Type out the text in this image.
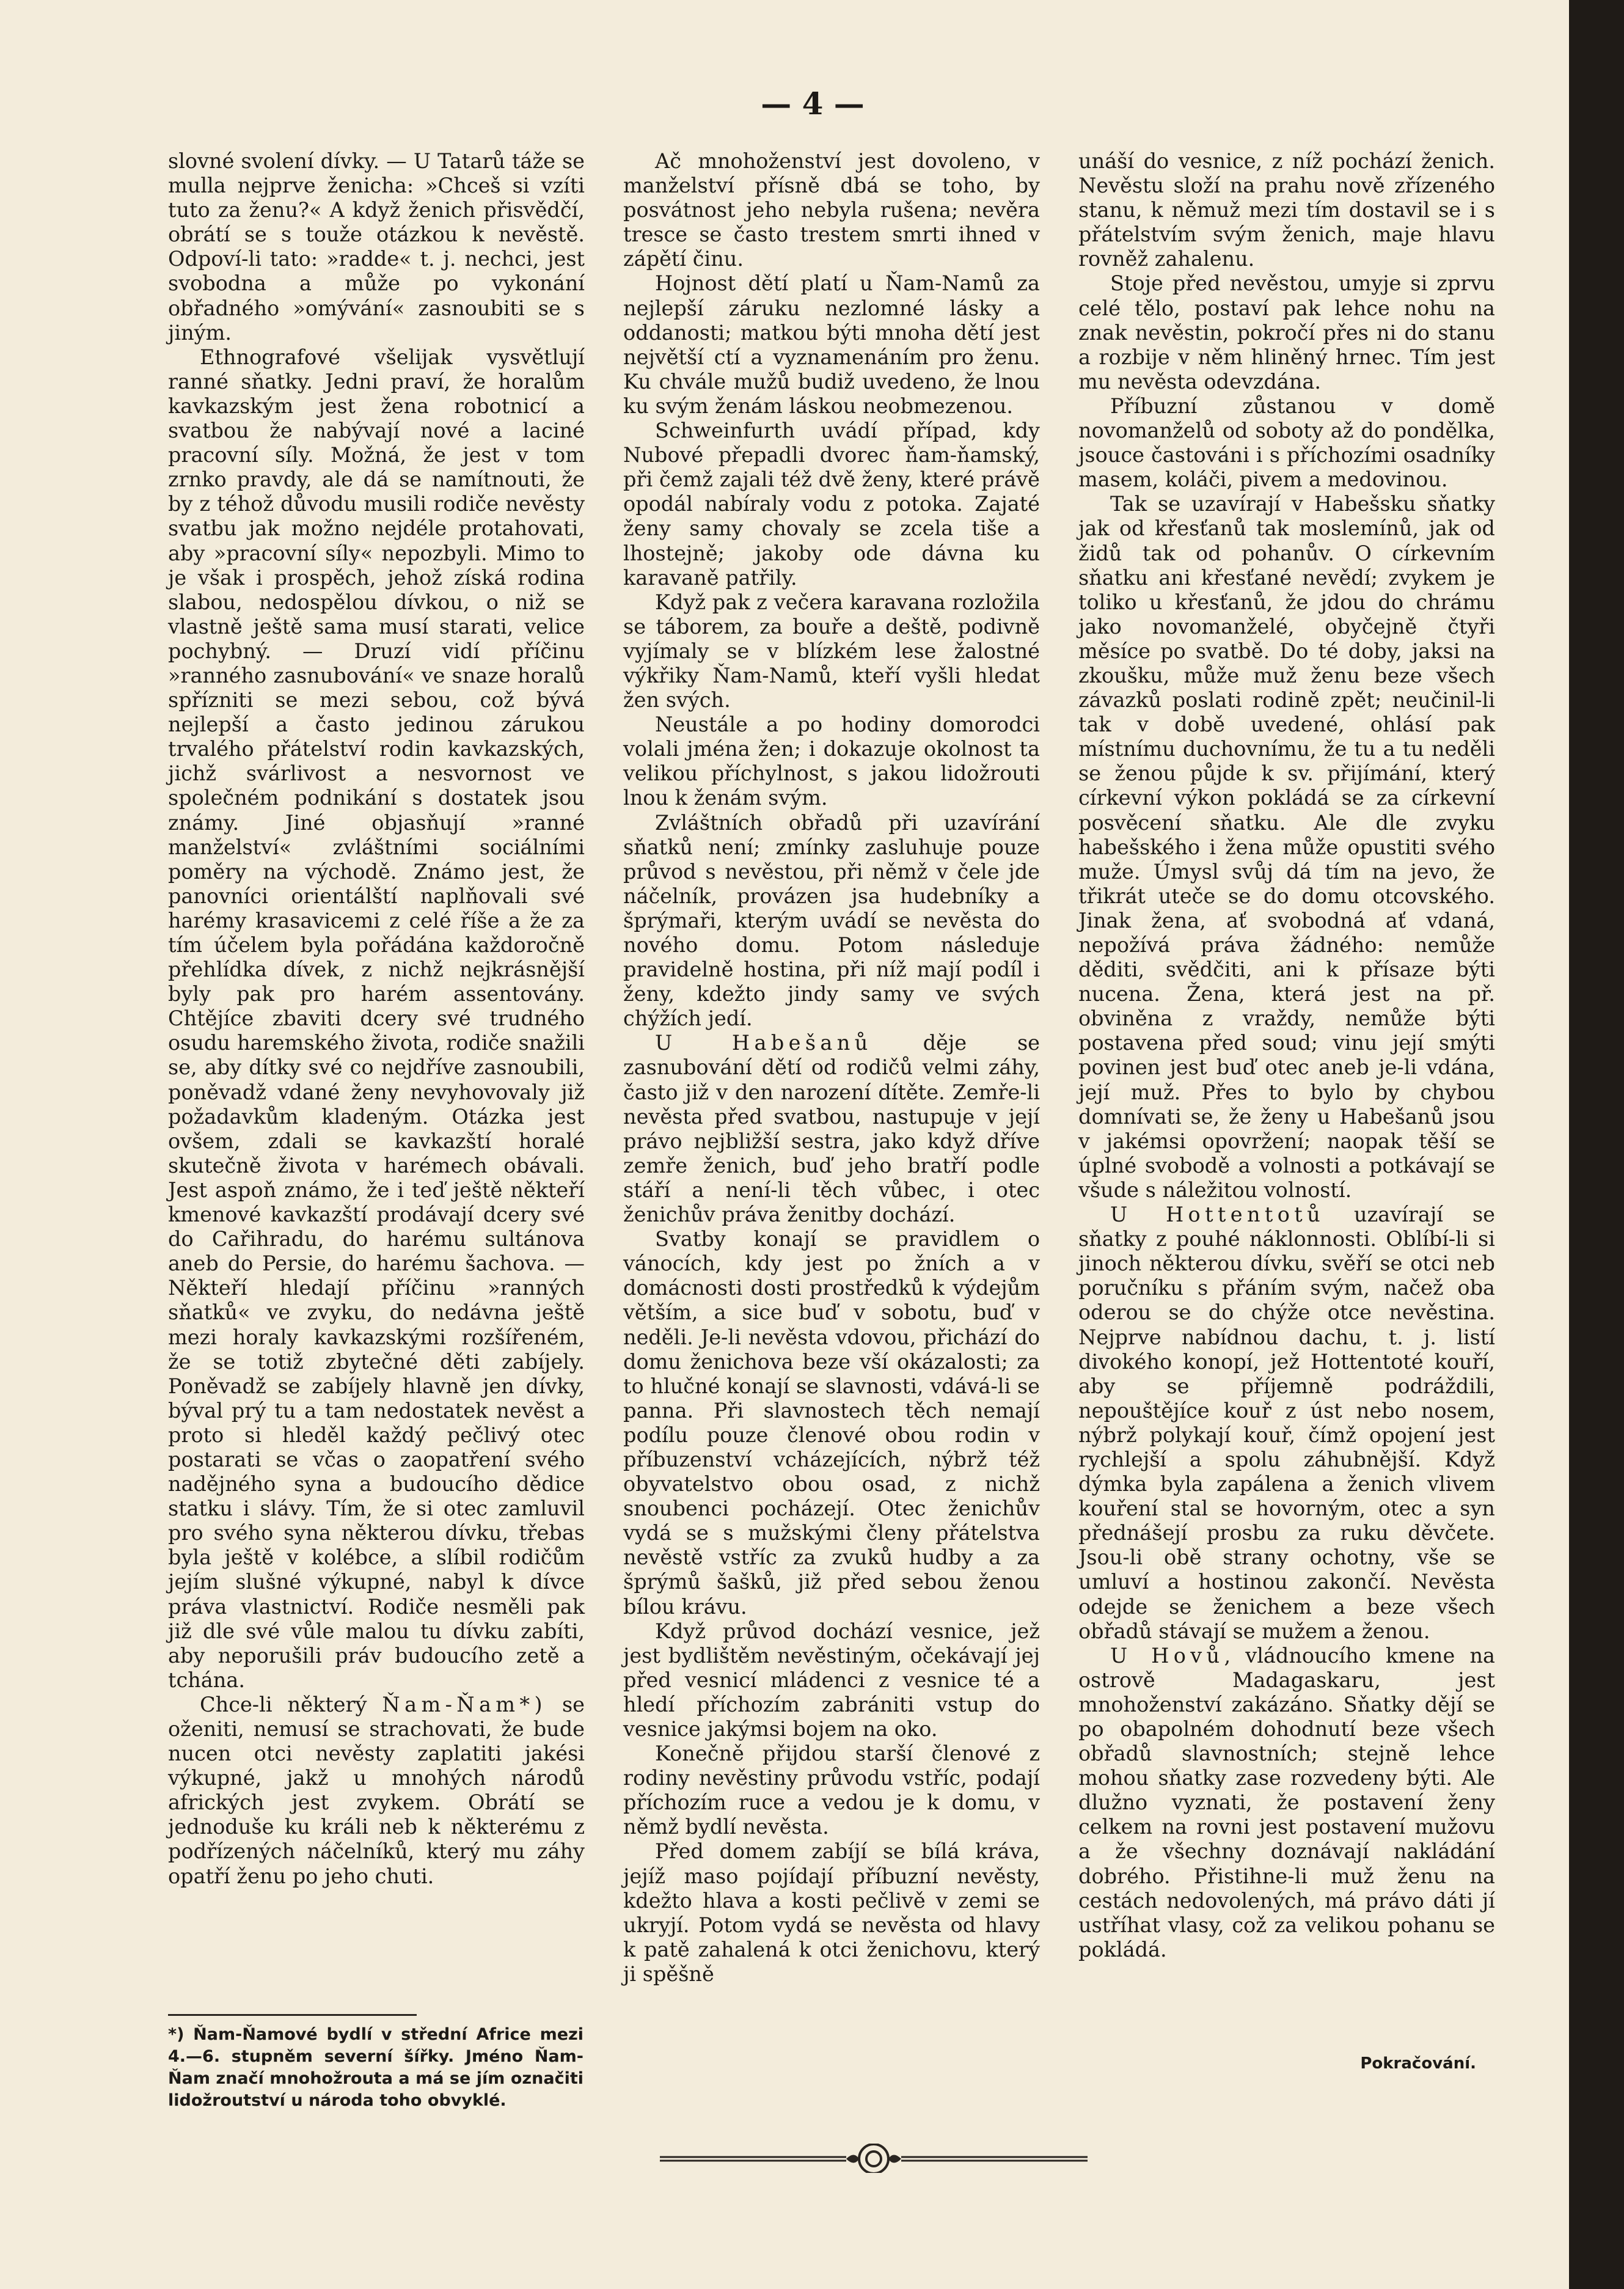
— 4 —

slovné svolení dívky. — U Tatarů táže se mulla nejprve ženicha: »Chceš si vzíti tuto za ženu?« A když ženich přisvědčí, obrátí se s touže otázkou k nevěstě. Odpoví-li tato: »radde« t. j. nechci, jest svobodna a může po vykonání obřadného »omývání« zasnoubiti se s jiným.

Ethnografové všelijak vysvětlují ranné sňatky. Jedni praví, že horalům kavkazským jest žena robotnicí a svatbou že nabývají nové a laciné pracovní síly. Možná, že jest v tom zrnko pravdy, ale dá se namítnouti, že by z téhož důvodu musili rodiče nevěsty svatbu jak možno nejdéle protahovati, aby »pracovní síly« nepozbyli. Mimo to je však i prospěch, jehož získá rodina slabou, nedospělou dívkou, o niž se vlastně ještě sama musí starati, velice pochybný. — Druzí vidí příčinu »ranného zasnubování« ve snaze horalů spřízniti se mezi sebou, což bývá nejlepší a často jedinou zárukou trvalého přátelství rodin kavkazských, jichž svárlivost a nesvornost ve společném podnikání s dostatek jsou známy. Jiné objasňují »ranné manželství« zvláštními sociálními poměry na východě. Známo jest, že panovníci orientálští naplňovali své harémy krasavicemi z celé říše a že za tím účelem byla pořádána každoročně přehlídka dívek, z nichž nejkrásnější byly pak pro harém assentovány. Chtějíce zbaviti dcery své trudného osudu haremského života, rodiče snažili se, aby dítky své co nejdříve zasnoubili, poněvadž vdané ženy nevyhovovaly již požadavkům kladeným. Otázka jest ovšem, zdali se kavkazští horalé skutečně života v harémech obávali. Jest aspoň známo, že i teď ještě někteří kmenové kavkazští prodávají dcery své do Cařihradu, do harému sultánova aneb do Persie, do harému šachova. — Někteří hledají příčinu »ranných sňatků« ve zvyku, do nedávna ještě mezi horaly kavkazskými rozšířeném, že se totiž zbytečné děti zabíjely. Poněvadž se zabíjely hlavně jen dívky, býval prý tu a tam nedostatek nevěst a proto si hleděl každý pečlivý otec postarati se včas o zaopatření svého nadějného syna a budoucího dědice statku i slávy. Tím, že si otec zamluvil pro svého syna některou dívku, třebas byla ještě v kolébce, a slíbil rodičům jejím slušné výkupné, nabyl k dívce práva vlastnictví. Rodiče nesměli pak již dle své vůle malou tu dívku zabíti, aby neporušili práv budoucího zetě a tchána.

Chce-li některý Ňam-Ňam*) se oženiti, nemusí se strachovati, že bude nucen otci nevěsty zaplatiti jakési výkupné, jakž u mnohých národů afrických jest zvykem. Obrátí se jednoduše ku králi neb k některému z podřízených náčelníků, který mu záhy opatří ženu po jeho chuti.

*) Ňam-Ňamové bydlí v střední Africe mezi 4.—6. stupněm severní šířky. Jméno Ňam-Ňam značí mnohožrouta a má se jím označiti lidožroutství u národa toho obvyklé.

Ač mnohoženství jest dovoleno, v manželství přísně dbá se toho, by posvátnost jeho nebyla rušena; nevěra tresce se často trestem smrti ihned v zápětí činu.

Hojnost dětí platí u Ňam-Namů za nejlepší záruku nezlomné lásky a oddanosti; matkou býti mnoha dětí jest největší ctí a vyznamenáním pro ženu. Ku chvále mužů budiž uvedeno, že lnou ku svým ženám láskou neobmezenou.

Schweinfurth uvádí případ, kdy Nubové přepadli dvorec ňam-ňamský, při čemž zajali též dvě ženy, které právě opodál nabíraly vodu z potoka. Zajaté ženy samy chovaly se zcela tiše a lhostejně; jakoby ode dávna ku karavaně patřily.

Když pak z večera karavana rozložila se táborem, za bouře a deště, podivně vyjímaly se v blízkém lese žalostné výkřiky Ňam-Namů, kteří vyšli hledat žen svých.

Neustále a po hodiny domorodci volali jména žen; i dokazuje okolnost ta velikou příchylnost, s jakou lidožrouti lnou k ženám svým.

Zvláštních obřadů při uzavírání sňatků není; zmínky zasluhuje pouze průvod s nevěstou, při němž v čele jde náčelník, provázen jsa hudebníky a šprýmaři, kterým uvádí se nevěsta do nového domu. Potom následuje pravidelně hostina, při níž mají podíl i ženy, kdežto jindy samy ve svých chýžích jedí.

U Habešanů děje se zasnubování dětí od rodičů velmi záhy, často již v den narození dítěte. Zemře-li nevěsta před svatbou, nastupuje v její právo nejbližší sestra, jako když dříve zemře ženich, buď jeho bratří podle stáří a není-li těch vůbec, i otec ženichův práva ženitby dochází.

Svatby konají se pravidlem o vánocích, kdy jest po žních a v domácnosti dosti prostředků k výdejům větším, a sice buď v sobotu, buď v neděli. Je-li nevěsta vdovou, přichází do domu ženichova beze vší okázalosti; za to hlučné konají se slavnosti, vdává-li se panna. Při slavnostech těch nemají podílu pouze členové obou rodin v příbuzenství vcházejících, nýbrž též obyvatelstvo obou osad, z nichž snoubenci pocházejí. Otec ženichův vydá se s mužskými členy přátelstva nevěstě vstříc za zvuků hudby a za šprýmů šašků, již před sebou ženou bílou krávu.

Když průvod dochází vesnice, jež jest bydlištěm nevěstiným, očekávají jej před vesnicí mládenci z vesnice té a hledí příchozím zabrániti vstup do vesnice jakýmsi bojem na oko.

Konečně přijdou starší členové z rodiny nevěstiny průvodu vstříc, podají příchozím ruce a vedou je k domu, v němž bydlí nevěsta.

Před domem zabíjí se bílá kráva, jejíž maso pojídají příbuzní nevěsty, kdežto hlava a kosti pečlivě v zemi se ukryjí. Potom vydá se nevěsta od hlavy k patě zahalená k otci ženichovu, který ji spěšně

unáší do vesnice, z níž pochází ženich. Nevěstu složí na prahu nově zřízeného stanu, k němuž mezi tím dostavil se i s přátelstvím svým ženich, maje hlavu rovněž zahalenu.

Stoje před nevěstou, umyje si zprvu celé tělo, postaví pak lehce nohu na znak nevěstin, pokročí přes ni do stanu a rozbije v něm hliněný hrnec. Tím jest mu nevěsta odevzdána.

Příbuzní zůstanou v domě novomanželů od soboty až do pondělka, jsouce častováni i s příchozími osadníky masem, koláči, pivem a medovinou.

Tak se uzavírají v Habešsku sňatky jak od křesťanů tak moslemínů, jak od židů tak od pohanův. O církevním sňatku ani křesťané nevědí; zvykem je toliko u křesťanů, že jdou do chrámu jako novomanželé, obyčejně čtyři měsíce po svatbě. Do té doby, jaksi na zkoušku, může muž ženu beze všech závazků poslati rodině zpět; neučinil-li tak v době uvedené, ohlásí pak místnímu duchovnímu, že tu a tu neděli se ženou půjde k sv. přijímání, který církevní výkon pokládá se za církevní posvěcení sňatku. Ale dle zvyku habešského i žena může opustiti svého muže. Úmysl svůj dá tím na jevo, že třikrát uteče se do domu otcovského. Jinak žena, ať svobodná ať vdaná, nepožívá práva žádného: nemůže děditi, svědčiti, ani k přísaze býti nucena. Žena, která jest na př. obviněna z vraždy, nemůže býti postavena před soud; vinu její smýti povinen jest buď otec aneb je-li vdána, její muž. Přes to bylo by chybou domnívati se, že ženy u Habešanů jsou v jakémsi opovržení; naopak těší se úplné svobodě a volnosti a potkávají se všude s náležitou volností.

U Hottentotů uzavírají se sňatky z pouhé náklonnosti. Oblíbí-li si jinoch některou dívku, svěří se otci neb poručníku s přáním svým, načež oba oderou se do chýže otce nevěstina. Nejprve nabídnou dachu, t. j. listí divokého konopí, jež Hottentoté kouří, aby se příjemně podráždili, nepouštějíce kouř z úst nebo nosem, nýbrž polykají kouř, čímž opojení jest rychlejší a spolu záhubnější. Když dýmka byla zapálena a ženich vlivem kouření stal se hovorným, otec a syn přednášejí prosbu za ruku děvčete. Jsou-li obě strany ochotny, vše se umluví a hostinou zakončí. Nevěsta odejde se ženichem a beze všech obřadů stávají se mužem a ženou.

U Hovů, vládnoucího kmene na ostrově Madagaskaru, jest mnohoženství zakázáno. Sňatky dějí se po obapolném dohodnutí beze všech obřadů slavnostních; stejně lehce mohou sňatky zase rozvedeny býti. Ale dlužno vyznati, že postavení ženy celkem na rovni jest postavení mužovu a že všechny doznávají nakládání dobrého. Přistihne-li muž ženu na cestách nedovolených, má právo dáti jí ustříhat vlasy, což za velikou pohanu se pokládá.

Pokračování.
